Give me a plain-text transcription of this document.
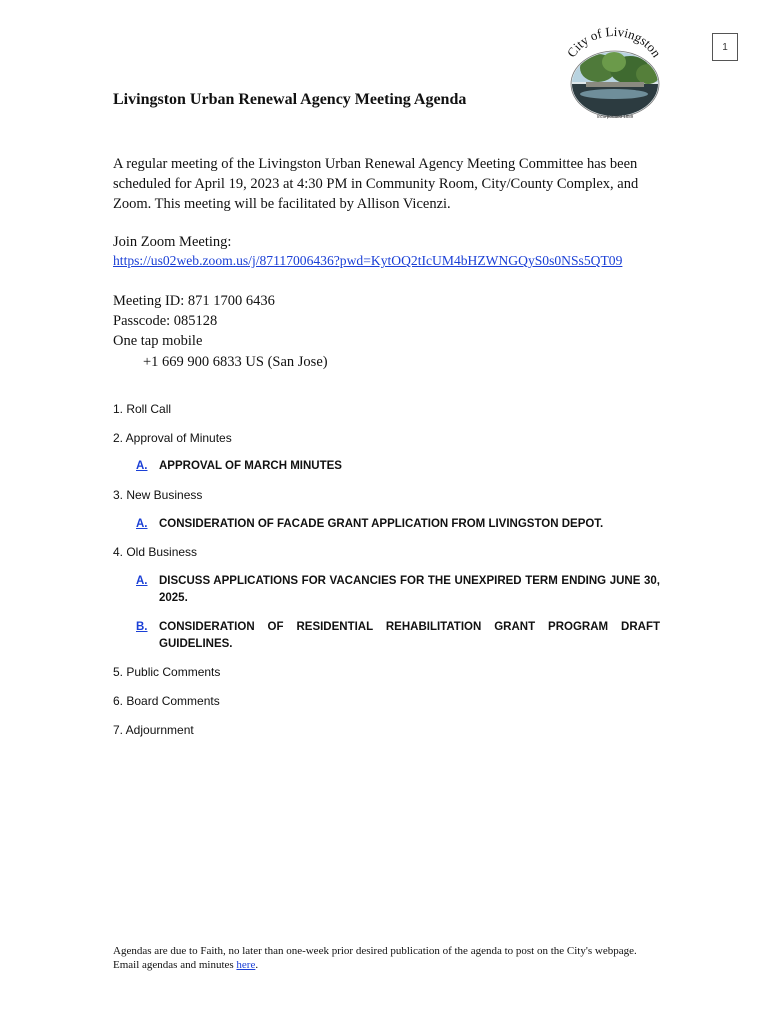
1
City of Livingston
Incorporated 1889
Livingston Urban Renewal Agency Meeting Agenda

A regular meeting of the Livingston Urban Renewal Agency Meeting Committee has been scheduled for April 19, 2023 at 4:30 PM in Community Room, City/County Complex, and Zoom. This meeting will be facilitated by Allison Vicenzi.

Join Zoom Meeting:
https://us02web.zoom.us/j/87117006436?pwd=KytOQ2tIcUM4bHZWNGQyS0s0NSs5QT09
Meeting ID: 871 1700 6436
Passcode: 085128
One tap mobile
+1 669 900 6833 US (San Jose)
1. Roll Call
2. Approval of Minutes
A. APPROVAL OF MARCH MINUTES
3. New Business
A. CONSIDERATION OF FACADE GRANT APPLICATION FROM LIVINGSTON DEPOT.
4. Old Business
A. DISCUSS APPLICATIONS FOR VACANCIES FOR THE UNEXPIRED TERM ENDING JUNE 30, 2025.
B. CONSIDERATION OF RESIDENTIAL REHABILITATION GRANT PROGRAM DRAFT GUIDELINES.
5. Public Comments
6. Board Comments
7. Adjournment
Agendas are due to Faith, no later than one-week prior desired publication of the agenda to post on the City's webpage.
Email agendas and minutes here.
